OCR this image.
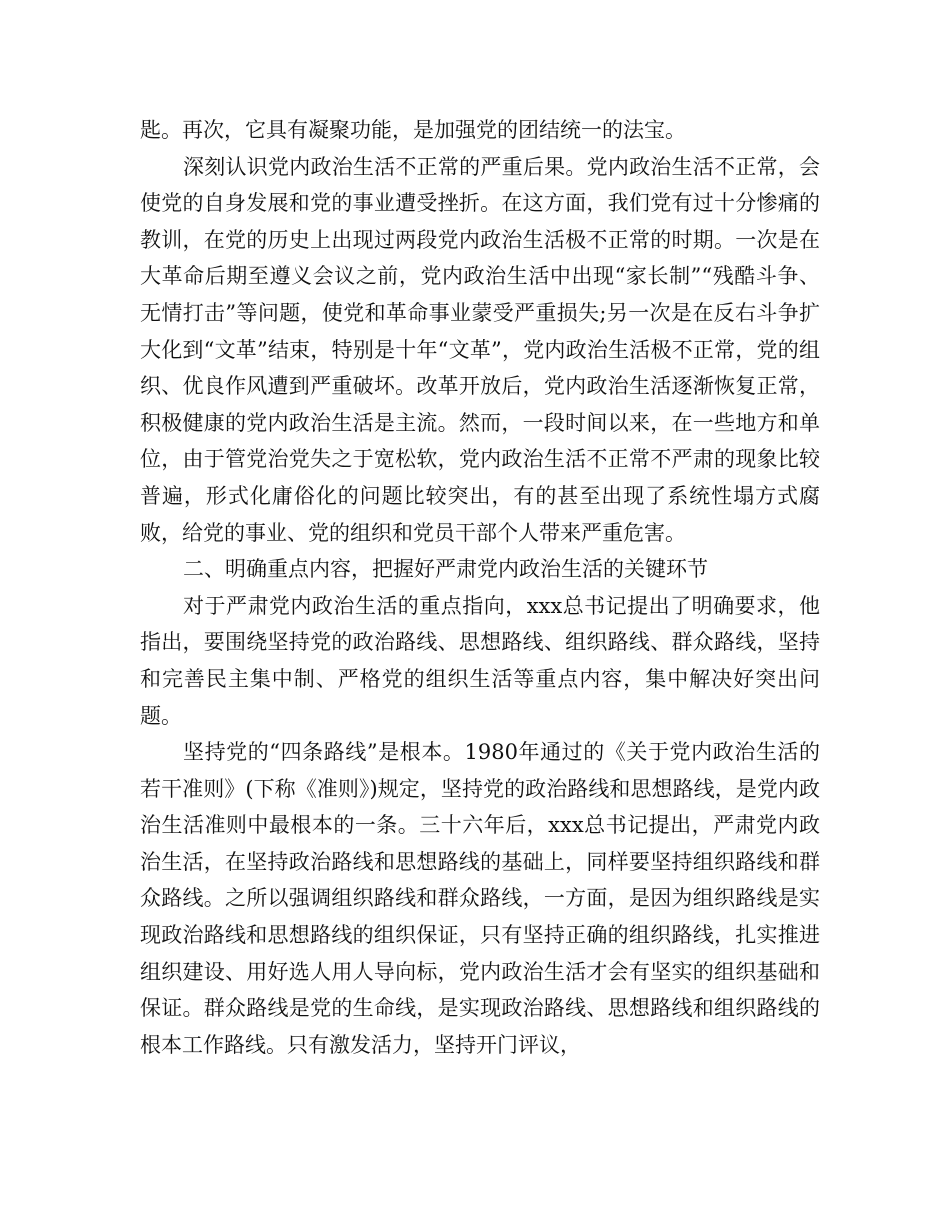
匙。再次，它具有凝聚功能，是加强党的团结统一的法宝。

深刻认识党内政治生活不正常的严重后果。党内政治生活不正常，会使党的自身发展和党的事业遭受挫折。在这方面，我们党有过十分惨痛的教训，在党的历史上出现过两段党内政治生活极不正常的时期。一次是在大革命后期至遵义会议之前，党内政治生活中出现“家长制”“残酷斗争、无情打击”等问题，使党和革命事业蒙受严重损失;另一次是在反右斗争扩大化到“文革”结束，特别是十年“文革”，党内政治生活极不正常，党的组织、优良作风遭到严重破坏。改革开放后，党内政治生活逐渐恢复正常，积极健康的党内政治生活是主流。然而，一段时间以来，在一些地方和单位，由于管党治党失之于宽松软，党内政治生活不正常不严肃的现象比较普遍，形式化庸俗化的问题比较突出，有的甚至出现了系统性塌方式腐败，给党的事业、党的组织和党员干部个人带来严重危害。

二、明确重点内容，把握好严肃党内政治生活的关键环节

对于严肃党内政治生活的重点指向，xxx总书记提出了明确要求，他指出，要围绕坚持党的政治路线、思想路线、组织路线、群众路线，坚持和完善民主集中制、严格党的组织生活等重点内容，集中解决好突出问题。

坚持党的“四条路线”是根本。1980年通过的《关于党内政治生活的若干准则》(下称《准则》)规定，坚持党的政治路线和思想路线，是党内政治生活准则中最根本的一条。三十六年后，xxx总书记提出，严肃党内政治生活，在坚持政治路线和思想路线的基础上，同样要坚持组织路线和群众路线。之所以强调组织路线和群众路线，一方面，是因为组织路线是实现政治路线和思想路线的组织保证，只有坚持正确的组织路线，扎实推进组织建设、用好选人用人导向标，党内政治生活才会有坚实的组织基础和保证。群众路线是党的生命线，是实现政治路线、思想路线和组织路线的根本工作路线。只有激发活力，坚持开门评议，
